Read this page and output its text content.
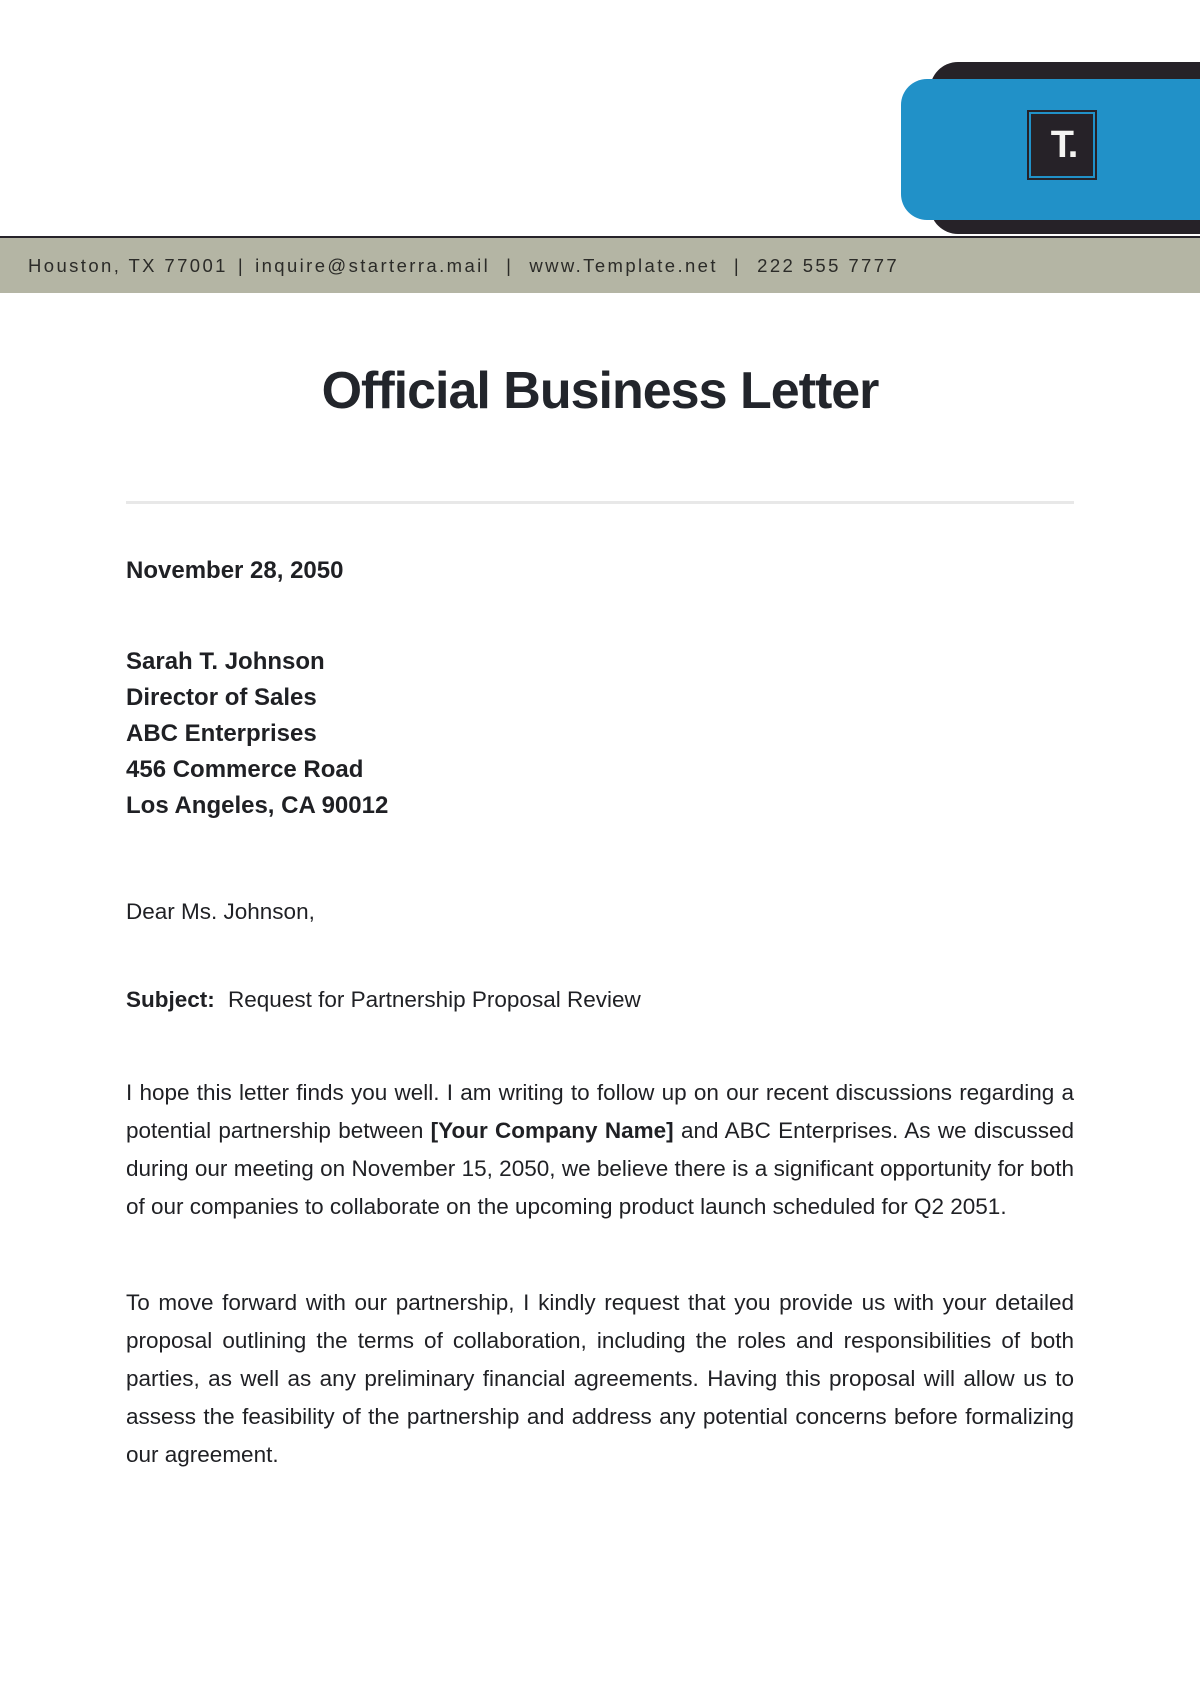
T.
Houston, TX 77001 | inquire@starterra.mail | www.Template.net | 222 555 7777
Official Business Letter

November 28, 2050

Sarah T. Johnson
Director of Sales
ABC Enterprises
456 Commerce Road
Los Angeles, CA 90012

Dear Ms. Johnson,

Subject: Request for Partnership Proposal Review

I hope this letter finds you well. I am writing to follow up on our recent discussions regarding a potential partnership between [Your Company Name] and ABC Enterprises. As we discussed during our meeting on November 15, 2050, we believe there is a significant opportunity for both of our companies to collaborate on the upcoming product launch scheduled for Q2 2051.

To move forward with our partnership, I kindly request that you provide us with your detailed proposal outlining the terms of collaboration, including the roles and responsibilities of both parties, as well as any preliminary financial agreements. Having this proposal will allow us to assess the feasibility of the partnership and address any potential concerns before formalizing our agreement.
